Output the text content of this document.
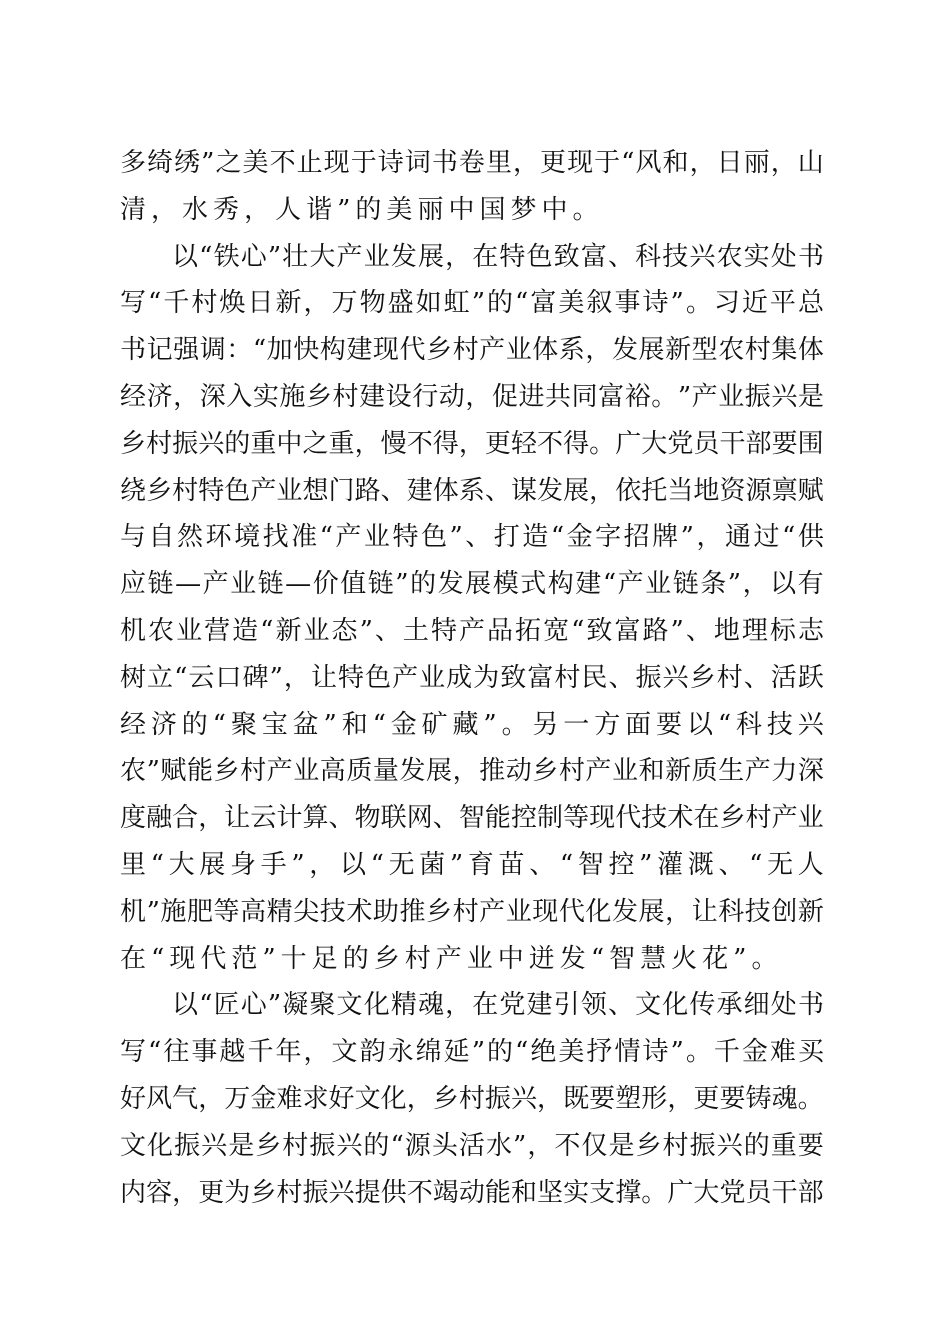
多 绮 绣 ” 之 美 不 止 现 于 诗 词 书 卷 里 ， 更 现 于 “ 风 和 ， 日 丽 ， 山
清 ， 水 秀 ， 人 谐 ” 的 美 丽 中 国 梦 中 。
以 “ 铁 心 ” 壮 大 产 业 发 展 ， 在 特 色 致 富 、 科 技 兴 农 实 处 书
写 “ 千 村 焕 日 新 ， 万 物 盛 如 虹 ” 的 “ 富 美 叙 事 诗 ” 。 习 近 平 总
书 记 强 调 ： “ 加 快 构 建 现 代 乡 村 产 业 体 系 ， 发 展 新 型 农 村 集 体
经 济 ， 深 入 实 施 乡 村 建 设 行 动 ， 促 进 共 同 富 裕 。 ” 产 业 振 兴 是
乡 村 振 兴 的 重 中 之 重 ， 慢 不 得 ， 更 轻 不 得 。 广 大 党 员 干 部 要 围
绕 乡 村 特 色 产 业 想 门 路 、 建 体 系 、 谋 发 展 ， 依 托 当 地 资 源 禀 赋
与 自 然 环 境 找 准 “ 产 业 特 色 ” 、 打 造 “ 金 字 招 牌 ” ， 通 过 “ 供
应 链 — 产 业 链 — 价 值 链 ” 的 发 展 模 式 构 建 “ 产 业 链 条 ” ， 以 有
机 农 业 营 造 “ 新 业 态 ” 、 土 特 产 品 拓 宽 “ 致 富 路 ” 、 地 理 标 志
树 立 “ 云 口 碑 ” ， 让 特 色 产 业 成 为 致 富 村 民 、 振 兴 乡 村 、 活 跃
经 济 的 “ 聚 宝 盆 ” 和 “ 金 矿 藏 ” 。 另 一 方 面 要 以 “ 科 技 兴
农 ” 赋 能 乡 村 产 业 高 质 量 发 展 ， 推 动 乡 村 产 业 和 新 质 生 产 力 深
度 融 合 ， 让 云 计 算 、 物 联 网 、 智 能 控 制 等 现 代 技 术 在 乡 村 产 业
里 “ 大 展 身 手 ” ， 以 “ 无 菌 ” 育 苗 、 “ 智 控 ” 灌 溉 、 “ 无 人
机 ” 施 肥 等 高 精 尖 技 术 助 推 乡 村 产 业 现 代 化 发 展 ， 让 科 技 创 新
在 “ 现 代 范 ” 十 足 的 乡 村 产 业 中 迸 发 “ 智 慧 火 花 ” 。
以 “ 匠 心 ” 凝 聚 文 化 精 魂 ， 在 党 建 引 领 、 文 化 传 承 细 处 书
写 “ 往 事 越 千 年 ， 文 韵 永 绵 延 ” 的 “ 绝 美 抒 情 诗 ” 。 千 金 难 买
好 风 气 ， 万 金 难 求 好 文 化 ， 乡 村 振 兴 ， 既 要 塑 形 ， 更 要 铸 魂 。
文 化 振 兴 是 乡 村 振 兴 的 “ 源 头 活 水 ” ， 不 仅 是 乡 村 振 兴 的 重 要
内 容 ， 更 为 乡 村 振 兴 提 供 不 竭 动 能 和 坚 实 支 撑 。 广 大 党 员 干 部
